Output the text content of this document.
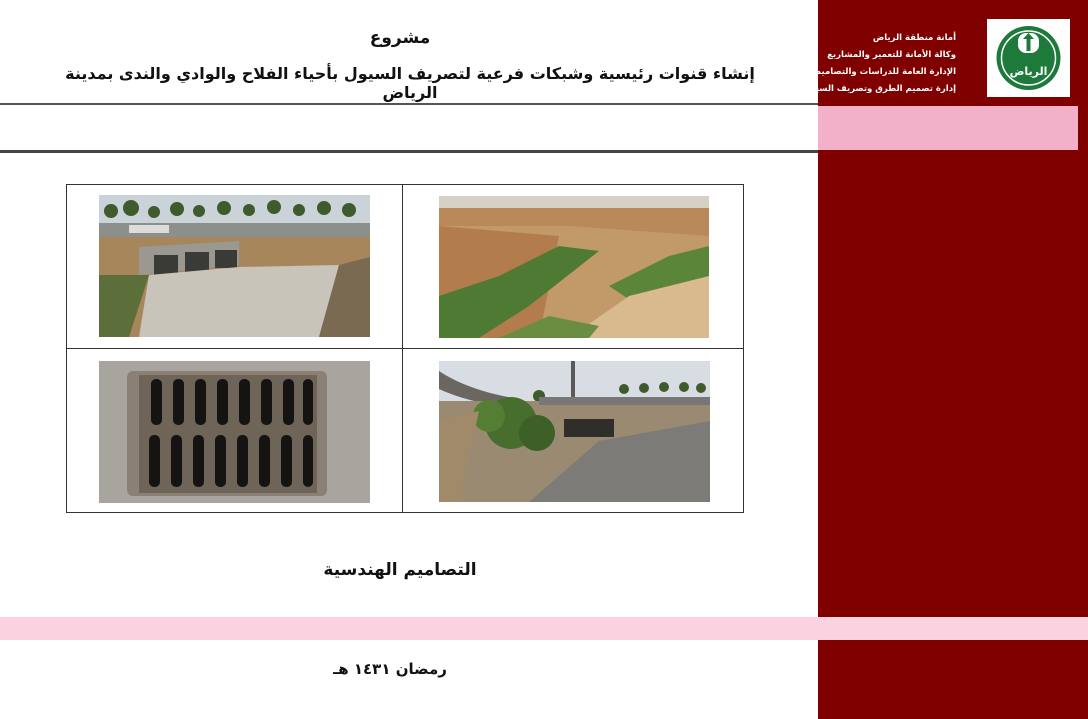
مشروع
إنشاء قنوات رئيسية وشبكات فرعية لتصريف السيول بأحياء الفلاح والوادي والندى بمدينة الرياض
أمانة منطقة الرياض
وكالة الأمانة للتعمير والمشاريع
الإدارة العامة للدراسات والتصاميم
إدارة تصميم الطرق وتصريف السيول
الرياض
التصاميم الهندسية
رمضان ١٤٣١ هـ
